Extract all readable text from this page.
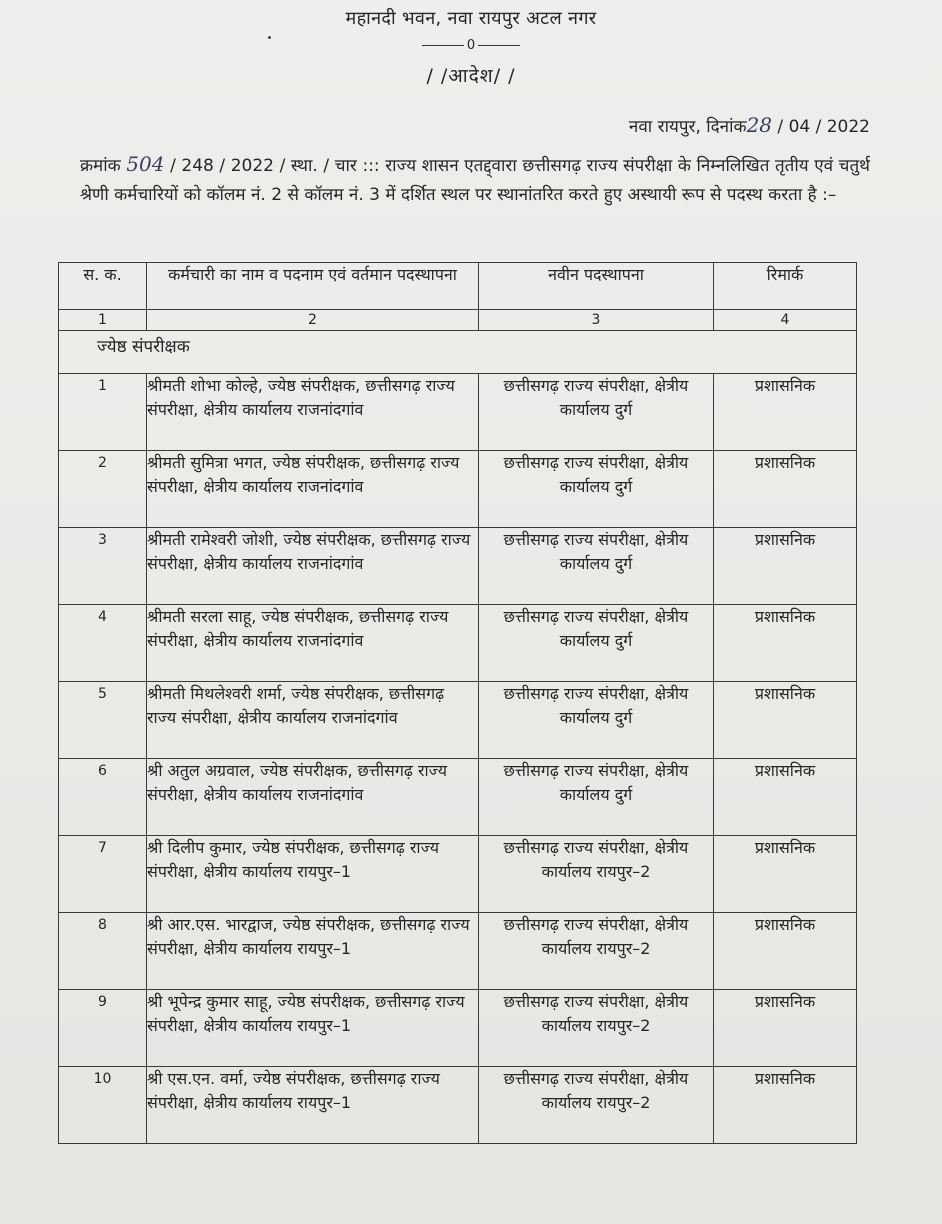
महानदी भवन, नवा रायपुर अटल नगर
0
/ /आदेश/ /
नवा रायपुर, दिनांक28 / 04 / 2022
क्रमांक 504 / 248 / 2022 / स्था. / चार ::: राज्य शासन एतद्द्वारा छत्तीसगढ़ राज्य संपरीक्षा के निम्नलिखित तृतीय एवं चतुर्थ श्रेणी कर्मचारियों को कॉलम नं. 2 से कॉलम नं. 3 में दर्शित स्थल पर स्थानांतरित करते हुए अस्थायी रूप से पदस्थ करता है :–
स. क.	कर्मचारी का नाम व पदनाम एवं वर्तमान पदस्थापना	नवीन पदस्थापना	रिमार्क
1	2	3	4

ज्येष्ठ संपरीक्षक			

1	श्रीमती शोभा कोल्हे, ज्येष्ठ संपरीक्षक, छत्तीसगढ़ राज्य संपरीक्षा, क्षेत्रीय कार्यालय राजनांदगांव	छत्तीसगढ़ राज्य संपरीक्षा, क्षेत्रीय कार्यालय दुर्ग	प्रशासनिक
2	श्रीमती सुमित्रा भगत, ज्येष्ठ संपरीक्षक, छत्तीसगढ़ राज्य संपरीक्षा, क्षेत्रीय कार्यालय राजनांदगांव	छत्तीसगढ़ राज्य संपरीक्षा, क्षेत्रीय कार्यालय दुर्ग	प्रशासनिक
3	श्रीमती रामेश्वरी जोशी, ज्येष्ठ संपरीक्षक, छत्तीसगढ़ राज्य संपरीक्षा, क्षेत्रीय कार्यालय राजनांदगांव	छत्तीसगढ़ राज्य संपरीक्षा, क्षेत्रीय कार्यालय दुर्ग	प्रशासनिक
4	श्रीमती सरला साहू, ज्येष्ठ संपरीक्षक, छत्तीसगढ़ राज्य संपरीक्षा, क्षेत्रीय कार्यालय राजनांदगांव	छत्तीसगढ़ राज्य संपरीक्षा, क्षेत्रीय कार्यालय दुर्ग	प्रशासनिक
5	श्रीमती मिथलेश्वरी शर्मा, ज्येष्ठ संपरीक्षक, छत्तीसगढ़ राज्य संपरीक्षा, क्षेत्रीय कार्यालय राजनांदगांव	छत्तीसगढ़ राज्य संपरीक्षा, क्षेत्रीय कार्यालय दुर्ग	प्रशासनिक
6	श्री अतुल अग्रवाल, ज्येष्ठ संपरीक्षक, छत्तीसगढ़ राज्य संपरीक्षा, क्षेत्रीय कार्यालय राजनांदगांव	छत्तीसगढ़ राज्य संपरीक्षा, क्षेत्रीय कार्यालय दुर्ग	प्रशासनिक
7	श्री दिलीप कुमार, ज्येष्ठ संपरीक्षक, छत्तीसगढ़ राज्य संपरीक्षा, क्षेत्रीय कार्यालय रायपुर–1	छत्तीसगढ़ राज्य संपरीक्षा, क्षेत्रीय कार्यालय रायपुर–2	प्रशासनिक
8	श्री आर.एस. भारद्वाज, ज्येष्ठ संपरीक्षक, छत्तीसगढ़ राज्य संपरीक्षा, क्षेत्रीय कार्यालय रायपुर–1	छत्तीसगढ़ राज्य संपरीक्षा, क्षेत्रीय कार्यालय रायपुर–2	प्रशासनिक
9	श्री भूपेन्द्र कुमार साहू, ज्येष्ठ संपरीक्षक, छत्तीसगढ़ राज्य संपरीक्षा, क्षेत्रीय कार्यालय रायपुर–1	छत्तीसगढ़ राज्य संपरीक्षा, क्षेत्रीय कार्यालय रायपुर–2	प्रशासनिक
10	श्री एस.एन. वर्मा, ज्येष्ठ संपरीक्षक, छत्तीसगढ़ राज्य संपरीक्षा, क्षेत्रीय कार्यालय रायपुर–1	छत्तीसगढ़ राज्य संपरीक्षा, क्षेत्रीय कार्यालय रायपुर–2	प्रशासनिक
